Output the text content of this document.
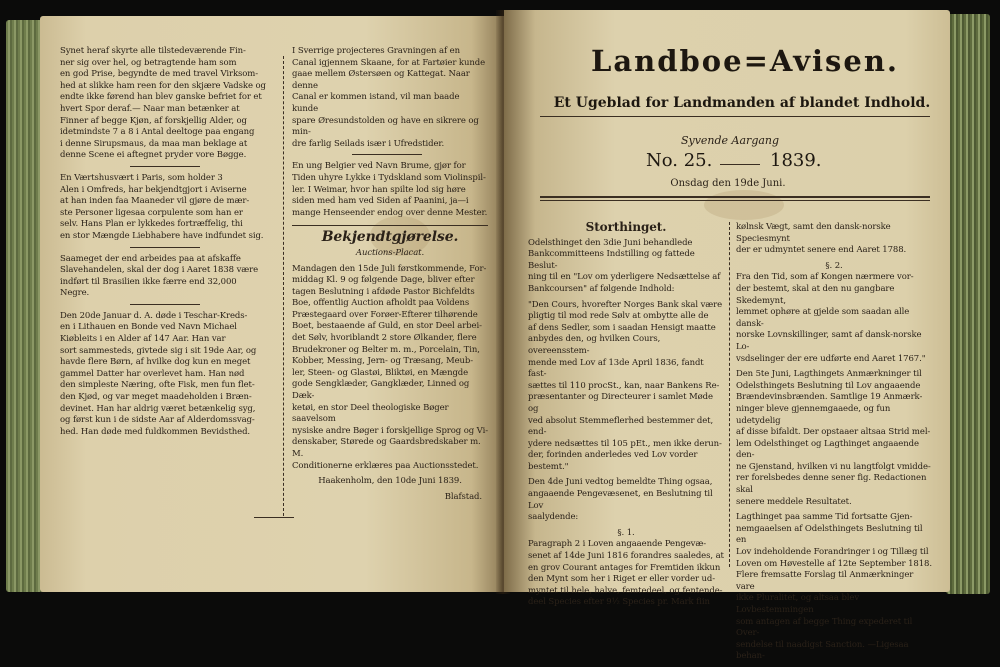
Synet heraf skyrte alle tilstedeværende Fin-
ner sig over hel, og betragtende ham som
en god Prise, begyndte de med travel Virksom-
hed at slikke ham reen for den skjære Vadske og
endte ikke førend han blev ganske befriet for et
hvert Spor deraf.— Naar man betænker at
Finner af begge Kjøn, af forskjellig Alder, og
idetmindste 7 a 8 i Antal deeltoge paa engang
i denne Sirupsmaus, da maa man beklage at
denne Scene ei aftegnet pryder vore Bøgge.

En Værtshusvært i Paris, som holder 3
Alen i Omfreds, har bekjendtgjort i Aviserne
at han inden faa Maaneder vil gjøre de mær-
ste Personer ligesaa corpulente som han er
selv. Hans Plan er lykkedes fortræffelig, thi
en stor Mængde Liebhabere have indfundet sig.

Saameget der end arbeides paa at afskaffe
Slavehandelen, skal der dog i Aaret 1838 være
indført til Brasilien ikke færre end 32,000
Negre.

Den 20de Januar d. A. døde i Teschar-Kreds-
en i Lithauen en Bonde ved Navn Michael
Kiøbleits i en Alder af 147 Aar. Han var
sort sammesteds, givtede sig i sit 19de Aar, og
havde flere Børn, af hvilke dog kun en meget
gammel Datter har overlevet ham. Han nød
den simpleste Næring, ofte Fisk, men fun flet-
den Kjød, og var meget maadeholden i Bræn-
devinet. Han har aldrig været betænkelig syg,
og først kun i de sidste Aar af Alderdomssvag-
hed. Han døde med fuldkommen Bevidsthed.

I Sverrige projecteres Gravningen af en
Canal igjennem Skaane, for at Fartøier kunde
gaae mellem Østersøen og Kattegat. Naar denne
Canal er kommen istand, vil man baade kunde
spare Øresundstolden og have en sikrere og min-
dre farlig Seilads især i Ufredstider.

En ung Belgier ved Navn Brume, gjør for
Tiden uhyre Lykke i Tydskland som Violinspil-
ler. I Weimar, hvor han spilte lod sig høre
siden med ham ved Siden af Paanini, ja—i
mange Henseender endog over denne Mester.

Bekjendtgjørelse.
Auctions-Placat.

Mandagen den 15de Juli førstkommende, For-
middag Kl. 9 og følgende Dage, bliver efter
tagen Beslutning i afdøde Pastor Bichfeldts
Boe, offentlig Auction afholdt paa Voldens
Præstegaard over Forøer-Efterer tilhørende
Boet, bestaaende af Guld, en stor Deel arbei-
det Sølv, hvoriblandt 2 store Ølkander, flere
Brudekroner og Belter m. m., Porcelain, Tin,
Kobber, Messing, Jern- og Træsang, Meub-
ler, Steen- og Glastøi, Bliktøi, en Mængde
gode Sengklæder, Gangklæder, Linned og Dæk-
ketøi, en stor Deel theologiske Bøger saavelsom
nysiske andre Bøger i forskjellige Sprog og Vi-
denskaber, Størede og Gaardsbredskaber m. M.
Conditionerne erklæres paa Auctionsstedet.

Haakenholm, den 10de Juni 1839.

Blafstad.

Landboe=Avisen.
Et Ugeblad for Landmanden af blandet Indhold.
Syvende Aargang
No. 25.	1839.
Onsdag den 19de Juni.
Storthinget.

Odelsthinget den 3die Juni behandlede
Bankcommitteens Indstilling og fattede Beslut-
ning til en "Lov om yderligere Nedsættelse af
Bankcoursen" af følgende Indhold:

"Den Cours, hvorefter Norges Bank skal være
pligtig til mod rede Sølv at ombytte alle de
af dens Sedler, som i saadan Hensigt maatte
anbydes den, og hvilken Cours, overeensstem-
mende med Lov af 13de April 1836, fandt fast-
sættes til 110 procSt., kan, naar Bankens Re-
præsentanter og Directeurer i samlet Møde og
ved absolut Stemmeflerhed bestemmer det, end-
ydere nedsættes til 105 pEt., men ikke derun-
der, forinden anderledes ved Lov vorder bestemt."

Den 4de Juni vedtog bemeldte Thing ogsaa,
angaaende Pengevæsenet, en Beslutning til Lov
saalydende:

§. 1.

Paragraph 2 i Loven angaaende Pengevæ-
senet af 14de Juni 1816 forandres saaledes, at
en grov Courant antages for Fremtiden ikkun
den Mynt som her i Riget er eller vorder ud-
myntet til hele, halve, femtedeel, og fentende-
deel Species efter 9½ Species pr. Mark fiin

kølnsk Vægt, samt den dansk-norske Speciesmynt
der er udmyntet senere end Aaret 1788.

§. 2.

Fra den Tid, som af Kongen nærmere vor-
der bestemt, skal at den nu gangbare Skedemynt,
lemmet ophøre at gjelde som saadan alle dansk-
norske Lovnskillinger, samt af dansk-norske Lo-
vsdselinger der ere udførte end Aaret 1767."

Den 5te Juni, Lagthingets Anmærkninger til
Odelsthingets Beslutning til Lov angaaende
Brændevinsbrænden. Samtlige 19 Anmærk-
ninger bleve gjennemgaaede, og fun udetydelig
af disse bifaldt. Der opstaaer altsaa Strid mel-
lem Odelsthinget og Lagthinget angaaende den-
ne Gjenstand, hvilken vi nu langtfolgt vmidde-
rer forelsbedes denne sener fig. Redactionen skal
senere meddele Resultatet.

Lagthinget paa samme Tid fortsatte Gjen-
nemgaaelsen af Odelsthingets Beslutning til en
Lov indeholdende Forandringer i og Tillæg til
Loven om Høvestelle af 12te September 1818.
Flere fremsatte Forslag til Anmærkninger vare
ikke Pluralitet, og altsaa blev Lovbestemmingen
som antagen af begge Thing expederet til Over-
sendelse til naadigst Sanction. —Ligesaa behan-
